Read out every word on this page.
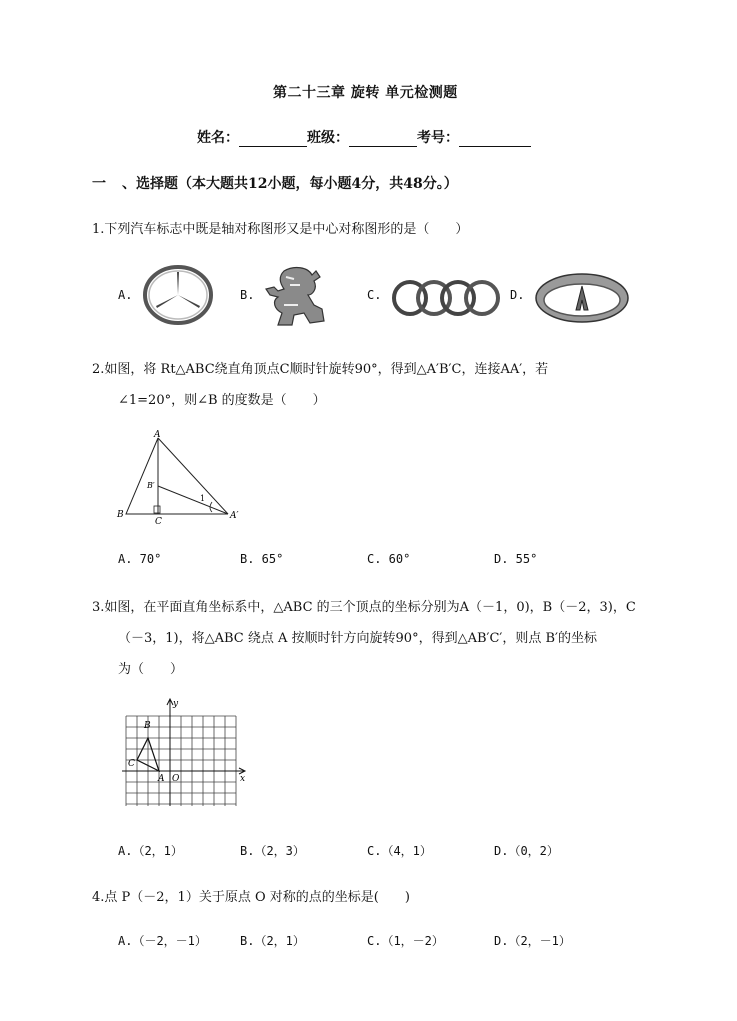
第二十三章 旋转 单元检测题
姓名：	班级：	考号：
一 、选择题（本大题共12小题，每小题4分，共48分。）
1.下列汽车标志中既是轴对称图形又是中心对称图形的是（　　）
A.	B.	C.	D.
2.如图，将 Rt△ABC绕直角顶点C顺时针旋转90°，得到△A′B′C，连接AA′，若
∠1=20°，则∠B 的度数是（　　）
A
B
C
B′
A′
1
A. 70°	B. 65°	C. 60°	D. 55°
3.如图，在平面直角坐标系中，△ABC 的三个顶点的坐标分别为A（－1，0)，B（－2，3)，C
（－3，1)，将△ABC 绕点 A 按顺时针方向旋转90°，得到△AB′C′，则点 B′的坐标
为（　　）
y
x
B
C
A O
A.（2，1）	B.（2，3）	C.（4，1）	D.（0，2）
4.点 P（－2，1）关于原点 O 对称的点的坐标是(　　)
A.（－2，－1）	B.（2，1）	C.（1，－2）	D.（2，－1）
